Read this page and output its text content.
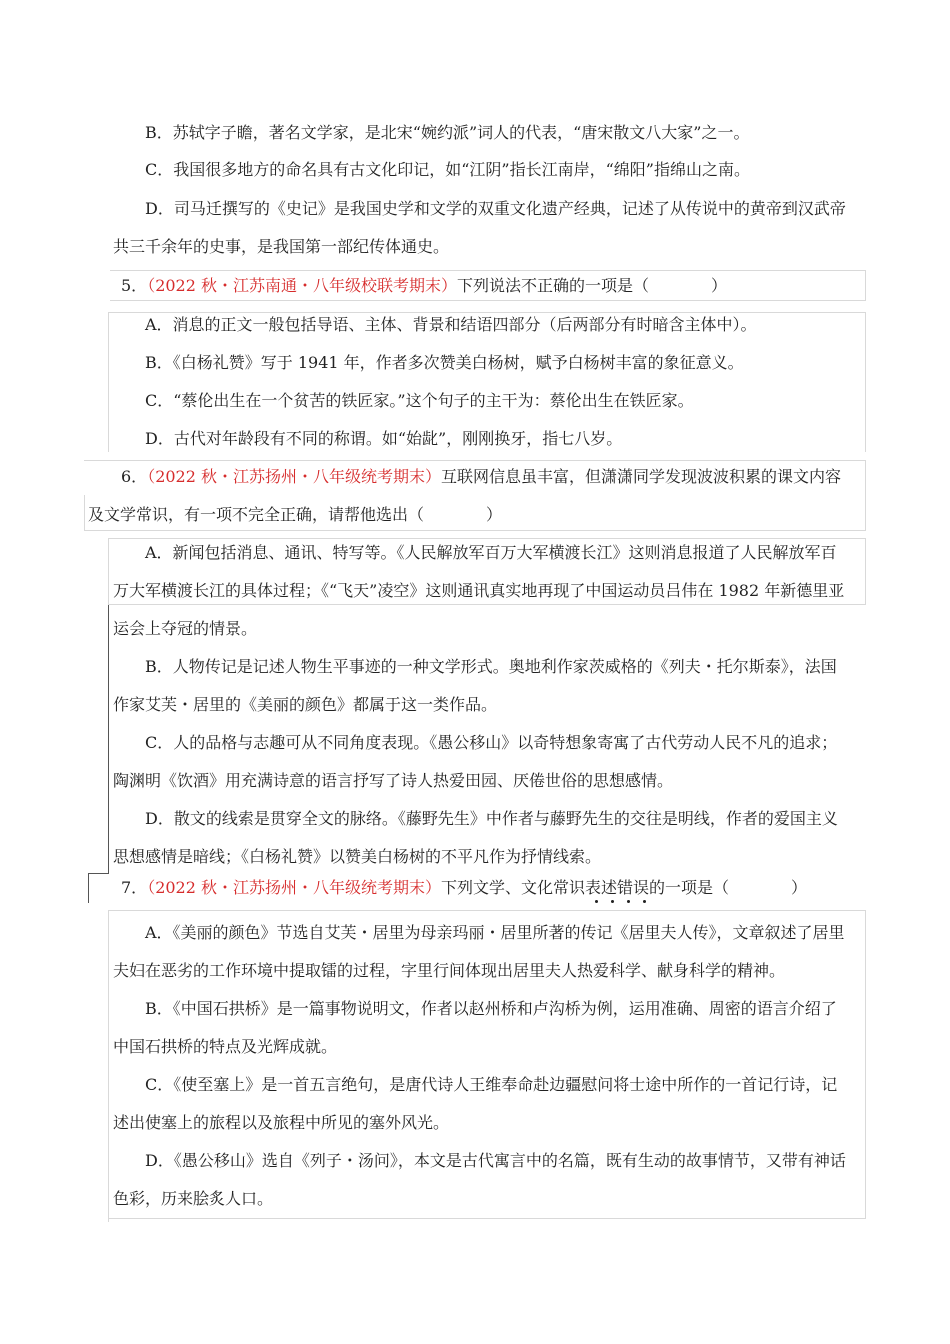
B．苏轼字子瞻，著名文学家，是北宋“婉约派”词人的代表，“唐宋散文八大家”之一。
C．我国很多地方的命名具有古文化印记，如“江阴”指长江南岸，“绵阳”指绵山之南。
D．司马迁撰写的《史记》是我国史学和文学的双重文化遗产经典，记述了从传说中的黄帝到汉武帝
共三千余年的史事，是我国第一部纪传体通史。
5．（2022 秋・江苏南通・八年级校联考期末）下列说法不正确的一项是（	）
A．消息的正文一般包括导语、主体、背景和结语四部分（后两部分有时暗含主体中）。
B．《白杨礼赞》写于 1941 年，作者多次赞美白杨树，赋予白杨树丰富的象征意义。
C．“蔡伦出生在一个贫苦的铁匠家。”这个句子的主干为：蔡伦出生在铁匠家。
D．古代对年龄段有不同的称谓。如“始龀”，刚刚换牙，指七八岁。
6．（2022 秋・江苏扬州・八年级统考期末）互联网信息虽丰富，但潇潇同学发现波波积累的课文内容
及文学常识，有一项不完全正确，请帮他选出（	）
A．新闻包括消息、通讯、特写等。《人民解放军百万大军横渡长江》这则消息报道了人民解放军百
万大军横渡长江的具体过程；《“飞天”凌空》这则通讯真实地再现了中国运动员吕伟在 1982 年新德里亚
运会上夺冠的情景。
B．人物传记是记述人物生平事迹的一种文学形式。奥地利作家茨威格的《列夫・托尔斯泰》，法国
作家艾芙・居里的《美丽的颜色》都属于这一类作品。
C．人的品格与志趣可从不同角度表现。《愚公移山》以奇特想象寄寓了古代劳动人民不凡的追求；
陶渊明《饮酒》用充满诗意的语言抒写了诗人热爱田园、厌倦世俗的思想感情。
D．散文的线索是贯穿全文的脉络。《藤野先生》中作者与藤野先生的交往是明线，作者的爱国主义
思想感情是暗线；《白杨礼赞》以赞美白杨树的不平凡作为抒情线索。
7．（2022 秋・江苏扬州・八年级统考期末）下列文学、文化常识表述错误的一项是（	）
A．《美丽的颜色》节选自艾芙・居里为母亲玛丽・居里所著的传记《居里夫人传》，文章叙述了居里
夫妇在恶劣的工作环境中提取镭的过程，字里行间体现出居里夫人热爱科学、献身科学的精神。
B．《中国石拱桥》是一篇事物说明文，作者以赵州桥和卢沟桥为例，运用准确、周密的语言介绍了
中国石拱桥的特点及光辉成就。
C．《使至塞上》是一首五言绝句，是唐代诗人王维奉命赴边疆慰问将士途中所作的一首记行诗，记
述出使塞上的旅程以及旅程中所见的塞外风光。
D．《愚公移山》选自《列子・汤问》，本文是古代寓言中的名篇，既有生动的故事情节，又带有神话
色彩，历来脍炙人口。
